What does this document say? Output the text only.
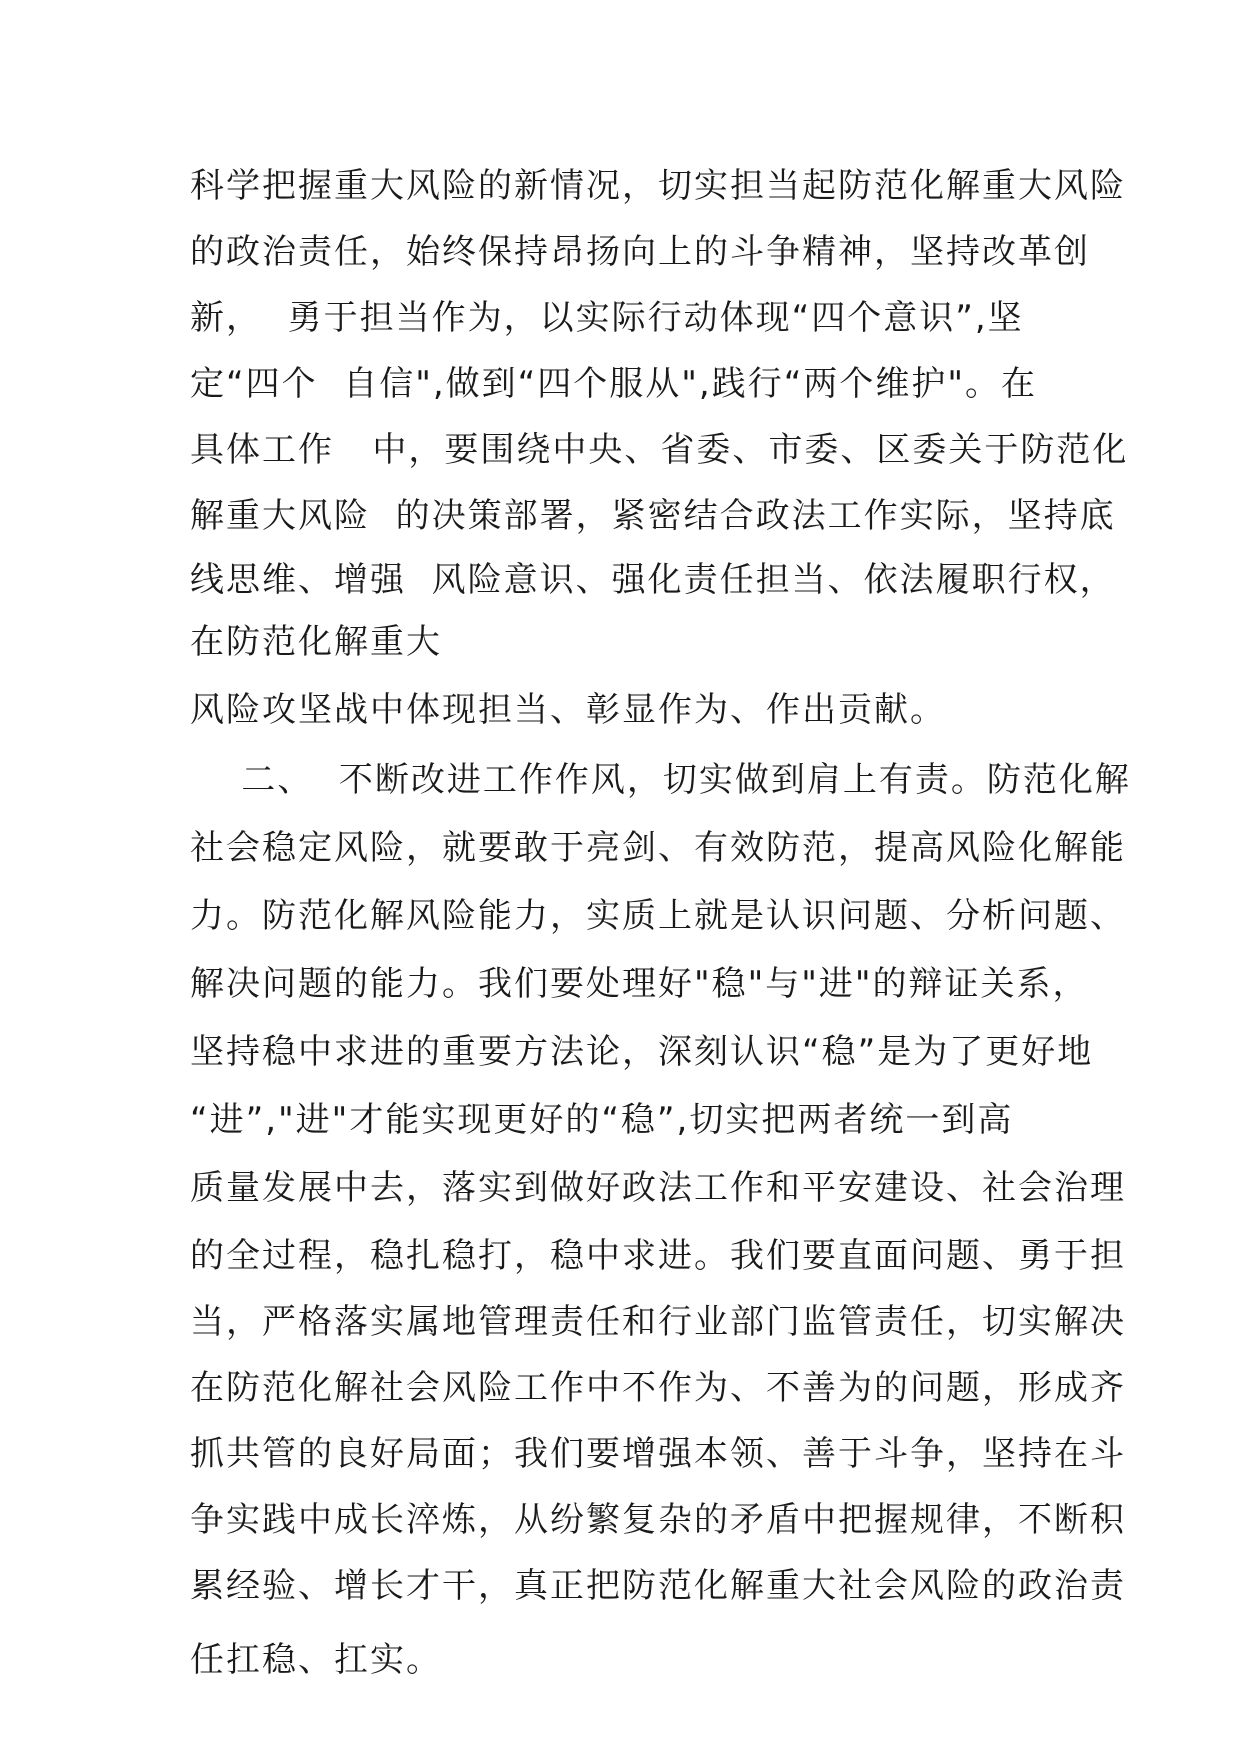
科学把握重大风险的新情况，切实担当起防范化解重大风险
的政治责任，始终保持昂扬向上的斗争精神，坚持改革创
新，  勇于担当作为，以实际行动体现“四个意识”,坚
定“四个  自信",做到“四个服从",践行“两个维护"。在
具体工作   中，要围绕中央、省委、市委、区委关于防范化
解重大风险  的决策部署，紧密结合政法工作实际，坚持底
线思维、增强  风险意识、强化责任担当、依法履职行权，
在防范化解重大
风险攻坚战中体现担当、彰显作为、作出贡献。
二、  不断改进工作作风，切实做到肩上有责。防范化解
社会稳定风险，就要敢于亮剑、有效防范，提高风险化解能
力。防范化解风险能力，实质上就是认识问题、分析问题、
解决问题的能力。我们要处理好"稳"与"进"的辩证关系，
坚持稳中求进的重要方法论，深刻认识“稳”是为了更好地
“进”,"进"才能实现更好的“稳”,切实把两者统一到高
质量发展中去，落实到做好政法工作和平安建设、社会治理
的全过程，稳扎稳打，稳中求进。我们要直面问题、勇于担
当，严格落实属地管理责任和行业部门监管责任，切实解决
在防范化解社会风险工作中不作为、不善为的问题，形成齐
抓共管的良好局面；我们要增强本领、善于斗争，坚持在斗
争实践中成长淬炼，从纷繁复杂的矛盾中把握规律，不断积
累经验、增长才干，真正把防范化解重大社会风险的政治责
任扛稳、扛实。
